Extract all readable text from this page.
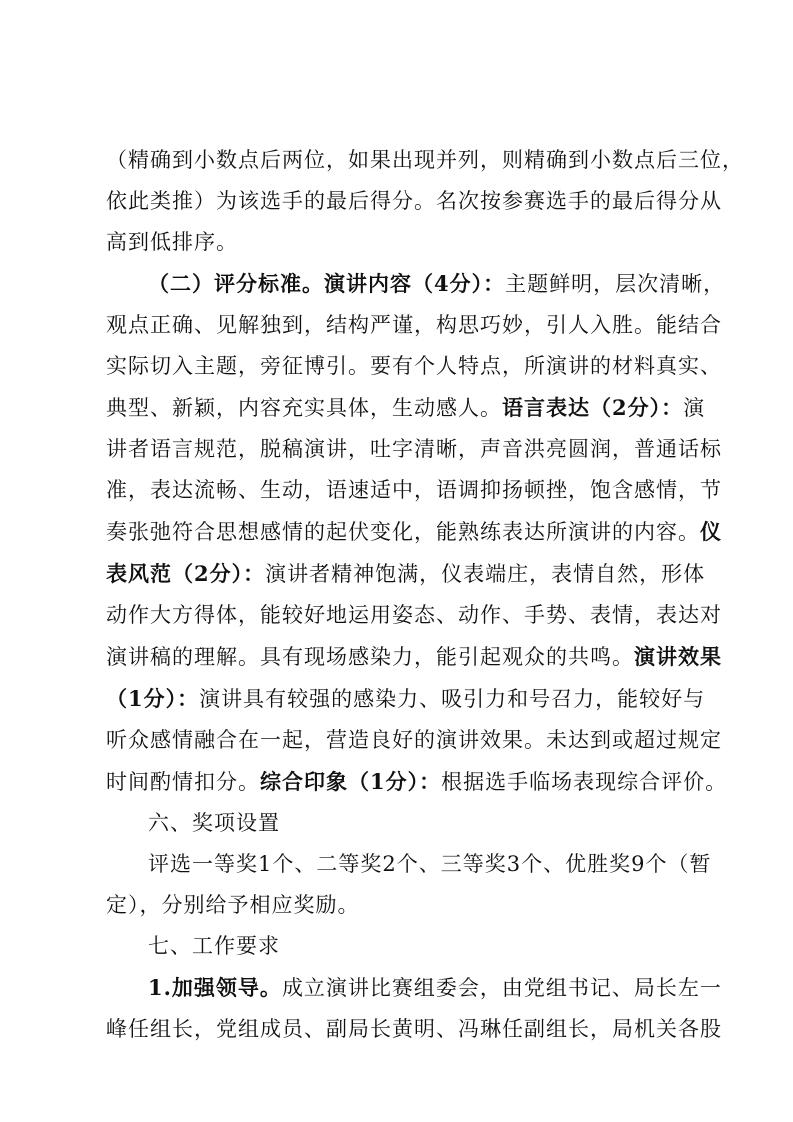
（精确到小数点后两位，如果出现并列，则精确到小数点后三位，
依此类推）为该选手的最后得分。名次按参赛选手的最后得分从
高到低排序。
（二）评分标准。演讲内容（4分）：主题鲜明，层次清晰，
观点正确、见解独到，结构严谨，构思巧妙，引人入胜。能结合
实际切入主题，旁征博引。要有个人特点，所演讲的材料真实、
典型、新颖，内容充实具体，生动感人。语言表达（2分）：演
讲者语言规范，脱稿演讲，吐字清晰，声音洪亮圆润，普通话标
准，表达流畅、生动，语速适中，语调抑扬顿挫，饱含感情，节
奏张弛符合思想感情的起伏变化，能熟练表达所演讲的内容。仪
表风范（2分）：演讲者精神饱满，仪表端庄，表情自然，形体
动作大方得体，能较好地运用姿态、动作、手势、表情，表达对
演讲稿的理解。具有现场感染力，能引起观众的共鸣。演讲效果
（1分）：演讲具有较强的感染力、吸引力和号召力，能较好与
听众感情融合在一起，营造良好的演讲效果。未达到或超过规定
时间酌情扣分。综合印象（1分）：根据选手临场表现综合评价。
六、奖项设置
评选一等奖1个、二等奖2个、三等奖3个、优胜奖9个（暂
定），分别给予相应奖励。
七、工作要求
1.加强领导。成立演讲比赛组委会，由党组书记、局长左一
峰任组长，党组成员、副局长黄明、冯琳任副组长，局机关各股
